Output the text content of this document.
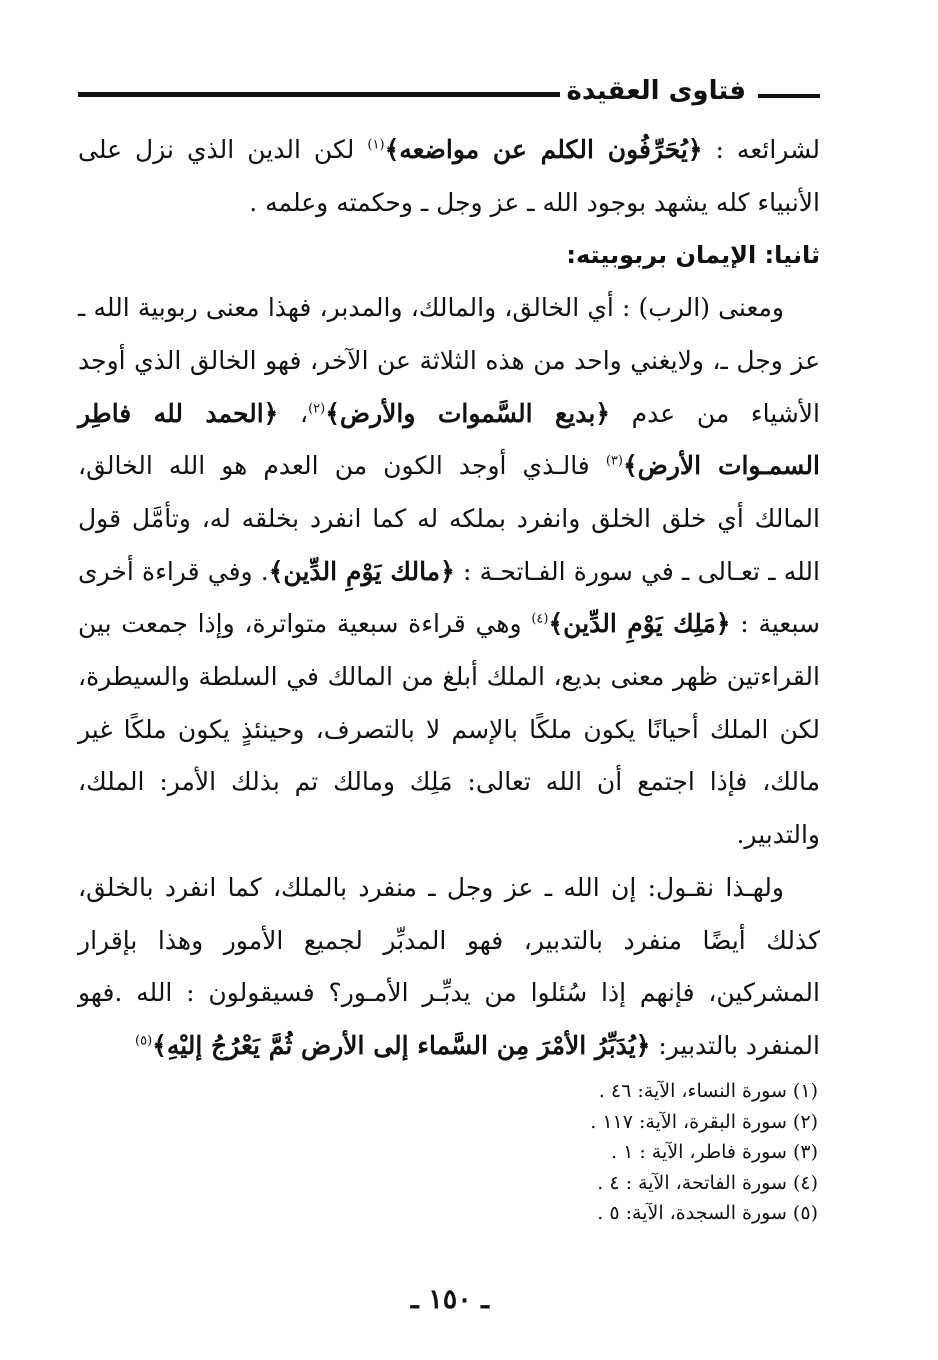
فتاوى العقيدة

لشرائعه : ﴿يُحَرِّفُون الكلم عن مواضعه﴾$^{(١)}$ لكن الدين الذي نزل على الأنبياء كله يشهد بوجود الله ـ عز وجل ـ وحكمته وعلمه .

ثانيا: الإيمان بربوبيته:

ومعنى (الرب) : أي الخالق، والمالك، والمدبر، فهذا معنى ربوبية الله ـ عز وجل ـ، ولايغني واحد من هذه الثلاثة عن الآخر، فهو الخالق الذي أوجد الأشياء من عدم ﴿بديع السَّموات والأرض﴾$^{(٢)}$، ﴿الحمد لله فاطِر السمـوات الأرض﴾$^{(٣)}$ فالـذي أوجد الكون من العدم هو الله الخالق، المالك أي خلق الخلق وانفرد بملكه له كما انفرد بخلقه له، وتأمَّل قول الله ـ تعـالى ـ في سورة الفـاتحـة : ﴿مالك يَوْمِ الدِّين﴾. وفي قراءة أخرى سبعية : ﴿مَلِك يَوْمِ الدِّين﴾$^{(٤)}$ وهي قراءة سبعية متواترة، وإذا جمعت بين القراءتين ظهر معنى بديع، الملك أبلغ من المالك في السلطة والسيطرة، لكن الملك أحيانًا يكون ملكًا بالإسم لا بالتصرف، وحينئذٍ يكون ملكًا غير مالك، فإذا اجتمع أن الله تعالى: مَلِك ومالك تم بذلك الأمر: الملك، والتدبير.

ولهـذا نقـول: إن الله ـ عز وجل ـ منفرد بالملك، كما انفرد بالخلق، كذلك أيضًا منفرد بالتدبير، فهو المدبِّر لجميع الأمور وهذا بإقرار المشركين، فإنهم إذا سُئلوا من يدبِّـر الأمـور؟ فسيقولون : الله .فهو المنفرد بالتدبير: ﴿يُدَبِّرُ الأمْرَ مِن السَّماء إلى الأرض ثُمَّ يَعْرُجُ إليْهِ﴾$^{(٥)}$

(١) سورة النساء، الآية: ٤٦ .
(٢) سورة البقرة، الآية: ١١٧ .
(٣) سورة فاطر، الآية : ١ .
(٤) سورة الفاتحة، الآية : ٤ .
(٥) سورة السجدة، الآية: ٥ .
ـ ١٥٠ ـ
